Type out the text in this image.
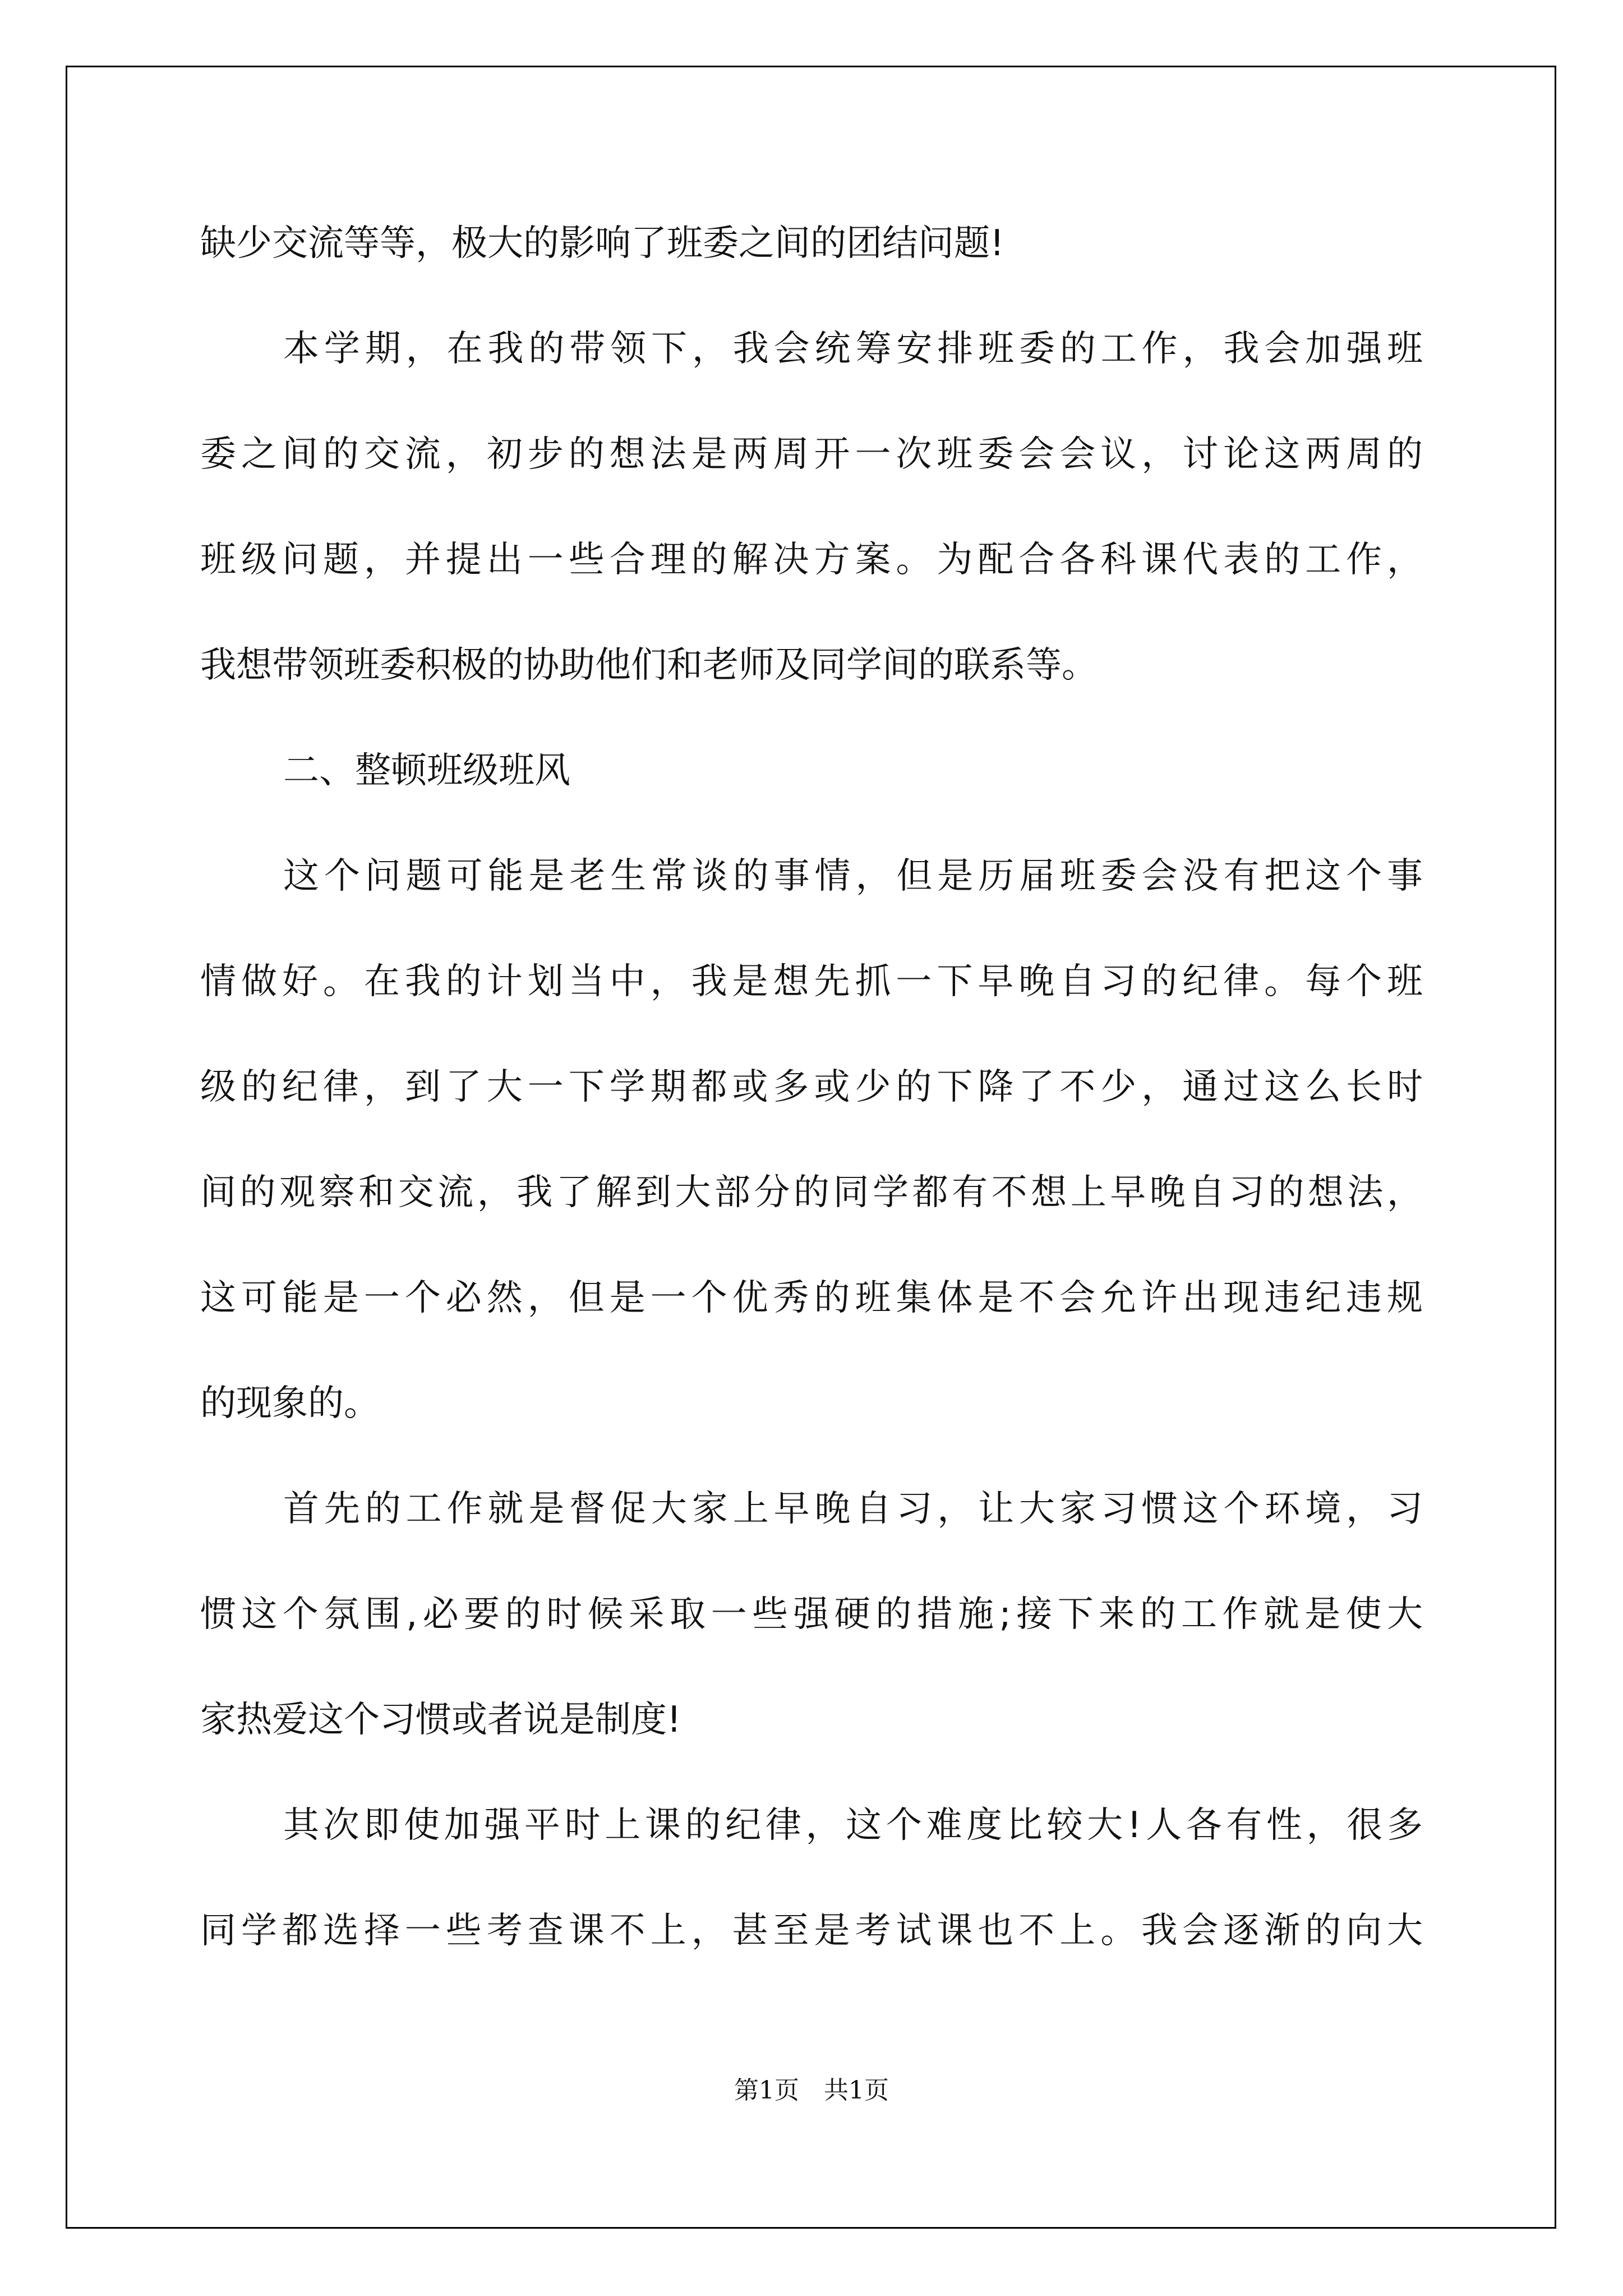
缺少交流等等，极大的影响了班委之间的团结问题!
本学期，在我的带领下，我会统筹安排班委的工作，我会加强班
委之间的交流，初步的想法是两周开一次班委会会议，讨论这两周的
班级问题，并提出一些合理的解决方案。为配合各科课代表的工作，
我想带领班委积极的协助他们和老师及同学间的联系等。
二、整顿班级班风
这个问题可能是老生常谈的事情，但是历届班委会没有把这个事
情做好。在我的计划当中，我是想先抓一下早晚自习的纪律。每个班
级的纪律，到了大一下学期都或多或少的下降了不少，通过这么长时
间的观察和交流，我了解到大部分的同学都有不想上早晚自习的想法，
这可能是一个必然，但是一个优秀的班集体是不会允许出现违纪违规
的现象的。
首先的工作就是督促大家上早晚自习，让大家习惯这个环境，习
惯这个氛围,必要的时候采取一些强硬的措施;接下来的工作就是使大
家热爱这个习惯或者说是制度!
其次即使加强平时上课的纪律，这个难度比较大!人各有性，很多
同学都选择一些考查课不上，甚至是考试课也不上。我会逐渐的向大
第1页　共1页
